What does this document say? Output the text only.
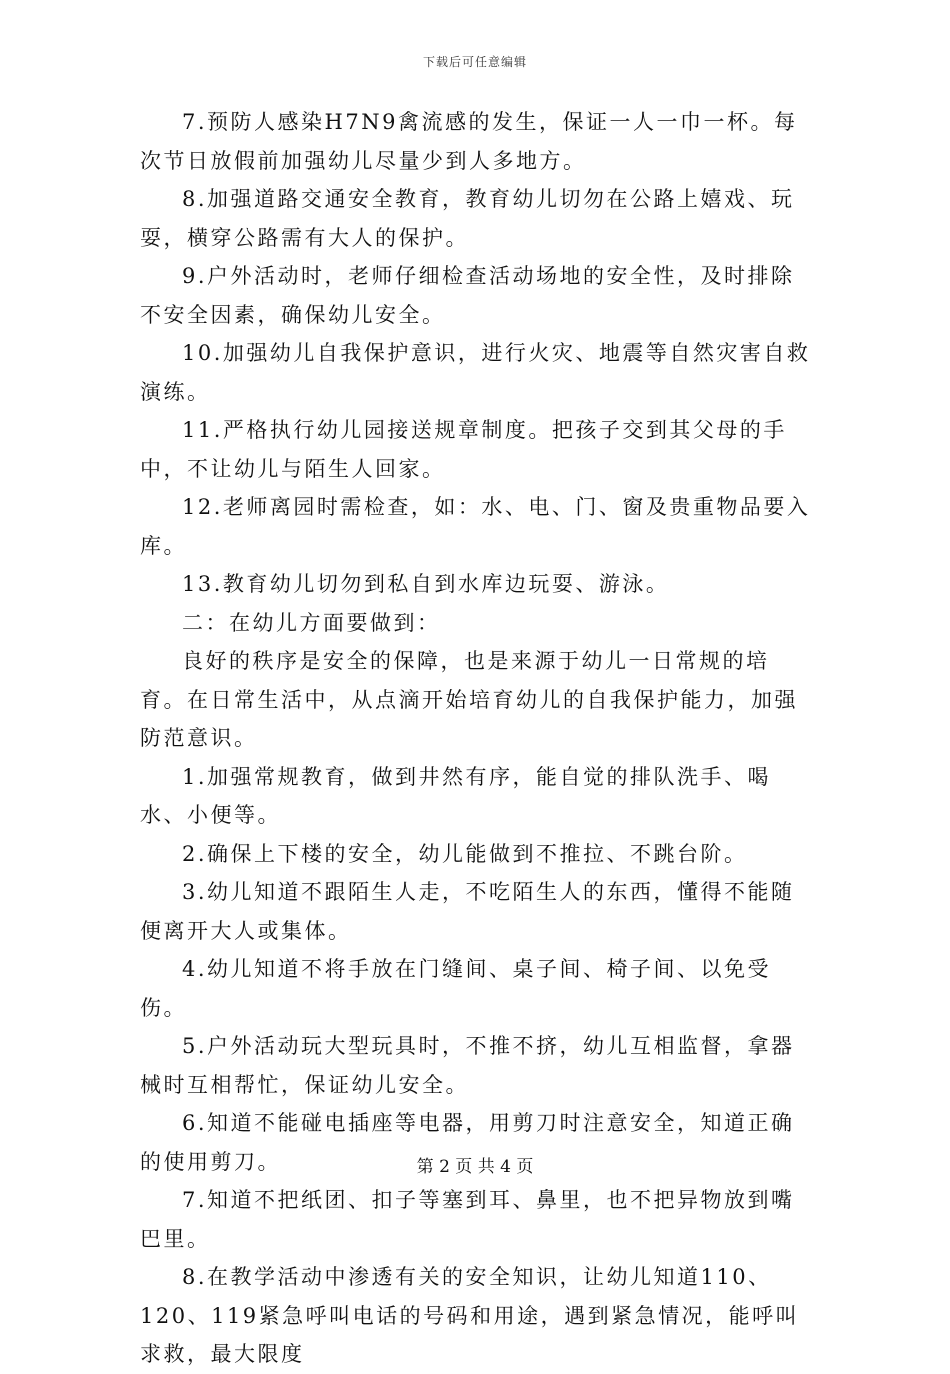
下载后可任意编辑

7.预防人感染H7N9禽流感的发生，保证一人一巾一杯。每次节日放假前加强幼儿尽量少到人多地方。

8.加强道路交通安全教育，教育幼儿切勿在公路上嬉戏、玩耍，横穿公路需有大人的保护。

9.户外活动时，老师仔细检查活动场地的安全性，及时排除不安全因素，确保幼儿安全。

10.加强幼儿自我保护意识，进行火灾、地震等自然灾害自救演练。

11.严格执行幼儿园接送规章制度。把孩子交到其父母的手中，不让幼儿与陌生人回家。

12.老师离园时需检查，如：水、电、门、窗及贵重物品要入库。

13.教育幼儿切勿到私自到水库边玩耍、游泳。

二：在幼儿方面要做到：

良好的秩序是安全的保障，也是来源于幼儿一日常规的培育。在日常生活中，从点滴开始培育幼儿的自我保护能力，加强防范意识。

1.加强常规教育，做到井然有序，能自觉的排队洗手、喝水、小便等。

2.确保上下楼的安全，幼儿能做到不推拉、不跳台阶。

3.幼儿知道不跟陌生人走，不吃陌生人的东西，懂得不能随便离开大人或集体。

4.幼儿知道不将手放在门缝间、桌子间、椅子间、以免受伤。

5.户外活动玩大型玩具时，不推不挤，幼儿互相监督，拿器械时互相帮忙，保证幼儿安全。

6.知道不能碰电插座等电器，用剪刀时注意安全，知道正确的使用剪刀。

7.知道不把纸团、扣子等塞到耳、鼻里，也不把异物放到嘴巴里。

8.在教学活动中渗透有关的安全知识，让幼儿知道110、120、119紧急呼叫电话的号码和用途，遇到紧急情况，能呼叫求救，最大限度

第 2 页 共 4 页
